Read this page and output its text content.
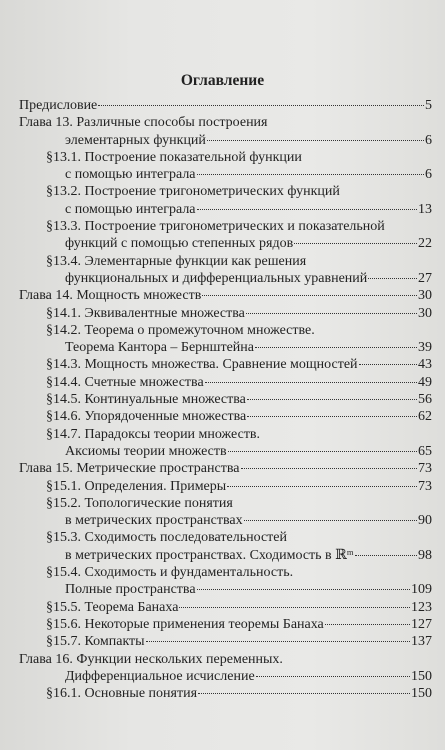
Оглавление
Предисловие	5
Глава 13. Различные способы построения
элементарных функций	6
§13.1. Построение показательной функции
с помощью интеграла	6
§13.2. Построение тригонометрических функций
с помощью интеграла	13
§13.3. Построение тригонометрических и показательной
функций с помощью степенных рядов	22
§13.4. Элементарные функции как решения
функциональных и дифференциальных уравнений	27
Глава 14. Мощность множеств	30
§14.1. Эквивалентные множества	30
§14.2. Теорема о промежуточном множестве.
Теорема Кантора – Бернштейна	39
§14.3. Мощность множества. Сравнение мощностей	43
§14.4. Счетные множества	49
§14.5. Континуальные множества	56
§14.6. Упорядоченные множества	62
§14.7. Парадоксы теории множеств.
Аксиомы теории множеств	65
Глава 15. Метрические пространства	73
§15.1. Определения. Примеры	73
§15.2. Топологические понятия
в метрических пространствах	90
§15.3. Сходимость последовательностей
в метрических пространствах. Сходимость в ℝᵐ	98
§15.4. Сходимость и фундаментальность.
Полные пространства	109
§15.5. Теорема Банаха	123
§15.6. Некоторые применения теоремы Банаха	127
§15.7. Компакты	137
Глава 16. Функции нескольких переменных.
Дифференциальное исчисление	150
§16.1. Основные понятия	150
